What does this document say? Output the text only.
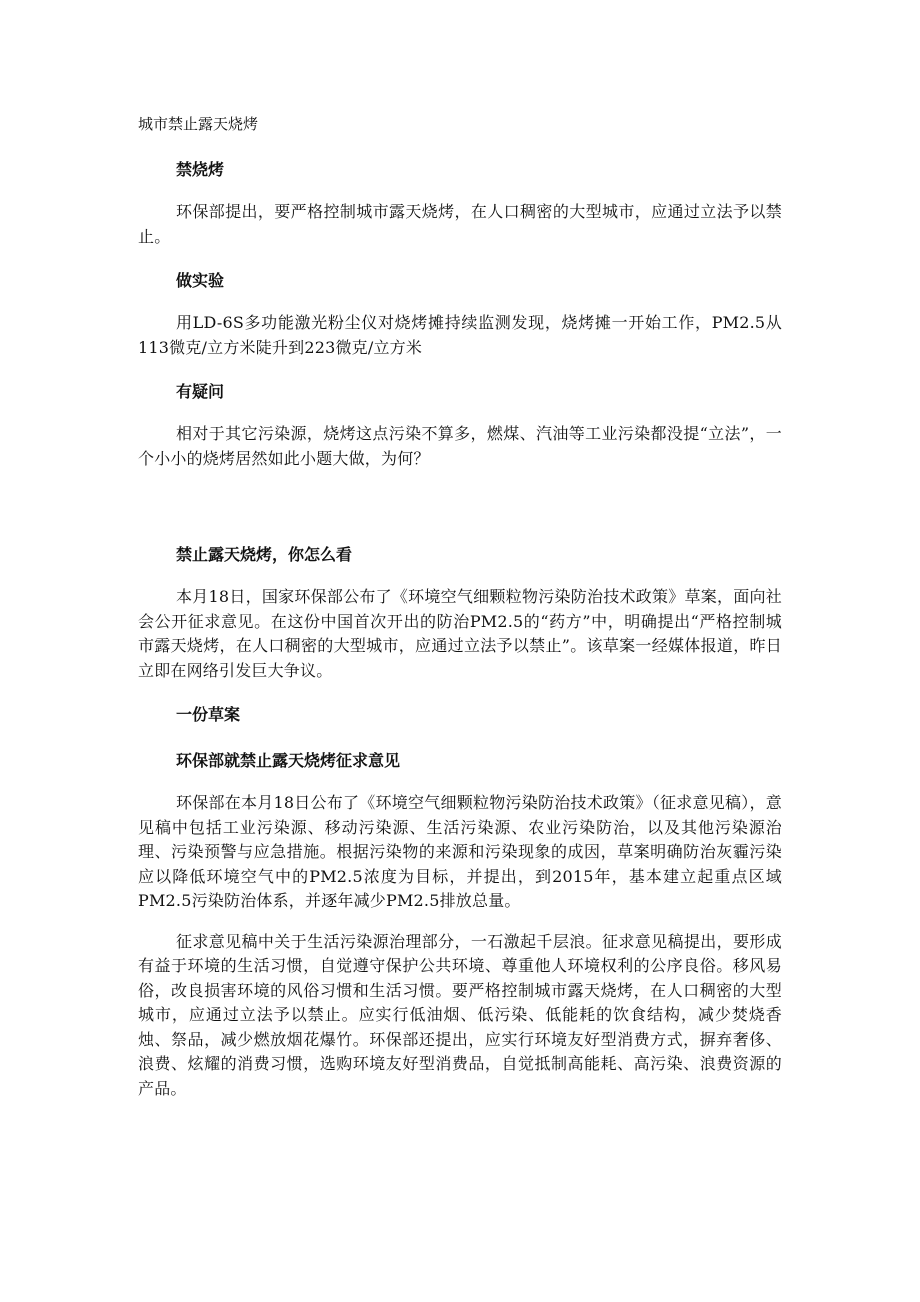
城市禁止露天烧烤
禁烧烤

环保部提出，要严格控制城市露天烧烤，在人口稠密的大型城市，应通过立法予以禁止。

做实验

用LD-6S多功能激光粉尘仪对烧烤摊持续监测发现，烧烤摊一开始工作，PM2.5从113微克/立方米陡升到223微克/立方米

有疑问

相对于其它污染源，烧烤这点污染不算多，燃煤、汽油等工业污染都没提“立法”，一个小小的烧烤居然如此小题大做，为何？

禁止露天烧烤，你怎么看

本月18日，国家环保部公布了《环境空气细颗粒物污染防治技术政策》草案，面向社会公开征求意见。在这份中国首次开出的防治PM2.5的“药方”中，明确提出“严格控制城市露天烧烤，在人口稠密的大型城市，应通过立法予以禁止”。该草案一经媒体报道，昨日立即在网络引发巨大争议。

一份草案
环保部就禁止露天烧烤征求意见

环保部在本月18日公布了《环境空气细颗粒物污染防治技术政策》（征求意见稿），意见稿中包括工业污染源、移动污染源、生活污染源、农业污染防治，以及其他污染源治理、污染预警与应急措施。根据污染物的来源和污染现象的成因，草案明确防治灰霾污染应以降低环境空气中的PM2.5浓度为目标，并提出，到2015年，基本建立起重点区域PM2.5污染防治体系，并逐年减少PM2.5排放总量。

征求意见稿中关于生活污染源治理部分，一石激起千层浪。征求意见稿提出，要形成有益于环境的生活习惯，自觉遵守保护公共环境、尊重他人环境权利的公序良俗。移风易俗，改良损害环境的风俗习惯和生活习惯。要严格控制城市露天烧烤，在人口稠密的大型城市，应通过立法予以禁止。应实行低油烟、低污染、低能耗的饮食结构，减少焚烧香烛、祭品，减少燃放烟花爆竹。环保部还提出，应实行环境友好型消费方式，摒弃奢侈、浪费、炫耀的消费习惯，选购环境友好型消费品，自觉抵制高能耗、高污染、浪费资源的产品。
